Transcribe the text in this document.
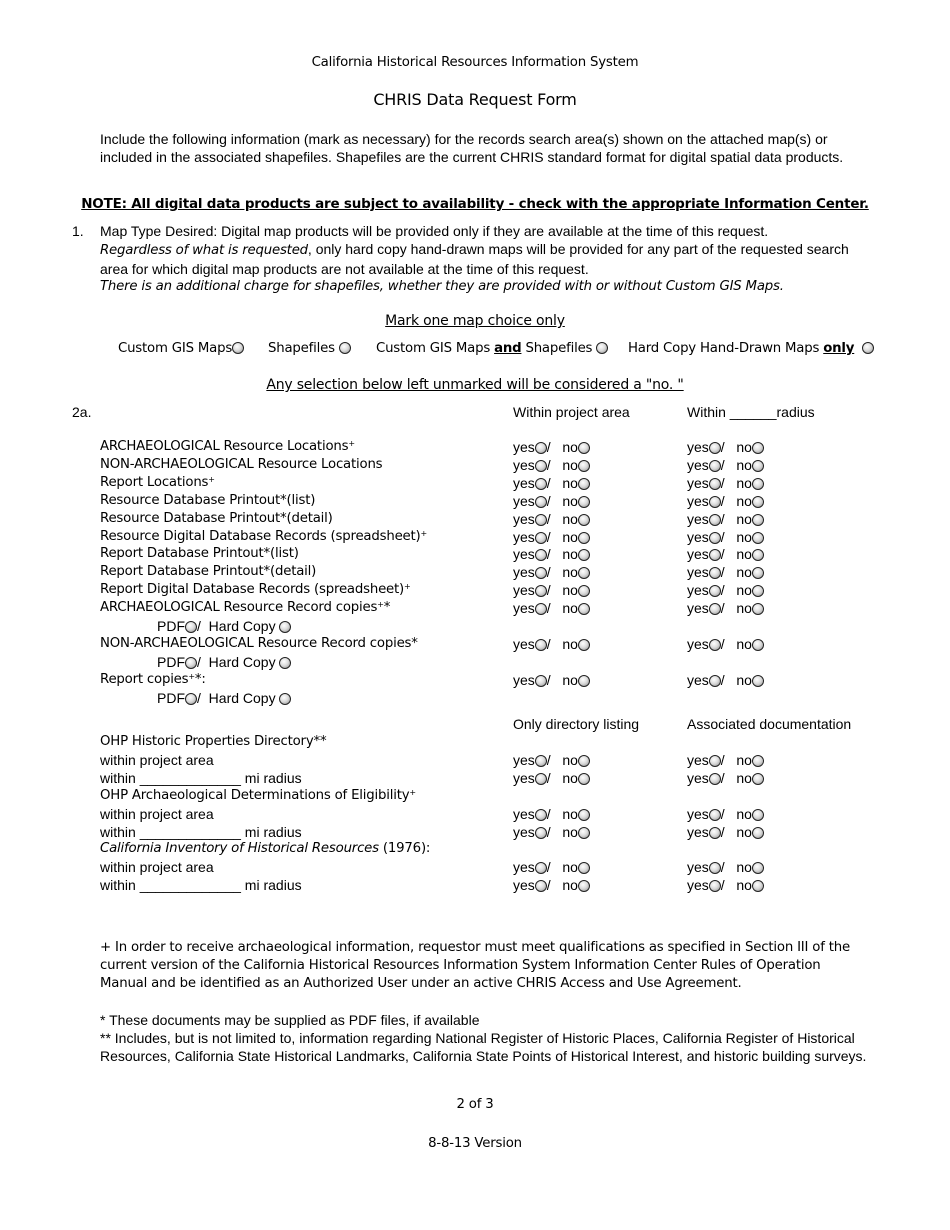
California Historical Resources Information System
CHRIS Data Request Form
Include the following information (mark as necessary) for the records search area(s) shown on the attached map(s) or included in the associated shapefiles. Shapefiles are the current CHRIS standard format for digital spatial data products.
NOTE: All digital data products are subject to availability - check with the appropriate Information Center.
1. Map Type Desired: Digital map products will be provided only if they are available at the time of this request.
Regardless of what is requested, only hard copy hand-drawn maps will be provided for any part of the requested search area for which digital map products are not available at the time of this request.
There is an additional charge for shapefiles, whether they are provided with or without Custom GIS Maps.
Mark one map choice only
Custom GIS Maps	Shapefiles	Custom GIS Maps and Shapefiles	Hard Copy Hand-Drawn Maps only
Any selection below left unmarked will be considered a "no. "
2a.	Within project area	Within ______radius
Only directory listing	Associated documentation
+ In order to receive archaeological information, requestor must meet qualifications as specified in Section III of the current version of the California Historical Resources Information System Information Center Rules of Operation Manual and be identified as an Authorized User under an active CHRIS Access and Use Agreement.
* These documents may be supplied as PDF files, if available
** Includes, but is not limited to, information regarding National Register of Historic Places, California Register of Historical Resources, California State Historical Landmarks, California State Points of Historical Interest, and historic building surveys.
2 of 3
8-8-13 Version
ARCHAEOLOGICAL Resource Locations+	yes /   no	yes /   no
NON-ARCHAEOLOGICAL Resource Locations	yes /   no	yes /   no
Report Locations+	yes /   no	yes /   no
Resource Database Printout*(list)	yes /   no	yes /   no
Resource Database Printout*(detail)	yes /   no	yes /   no
Resource Digital Database Records (spreadsheet)+	yes /   no	yes /   no
Report Database Printout*(list)	yes /   no	yes /   no
Report Database Printout*(detail)	yes /   no	yes /   no
Report Digital Database Records (spreadsheet)+	yes /   no	yes /   no
ARCHAEOLOGICAL Resource Record copies+*	yes /   no	yes /   no
PDF /  Hard Copy
NON-ARCHAEOLOGICAL Resource Record copies*	yes /   no	yes /   no
PDF /  Hard Copy
Report copies+*:	yes /   no	yes /   no
PDF /  Hard Copy
OHP Historic Properties Directory**
within project area	yes /   no	yes /   no
within _____________ mi radius	yes /   no	yes /   no
OHP Archaeological Determinations of Eligibility+
within project area	yes /   no	yes /   no
within _____________ mi radius	yes /   no	yes /   no
California Inventory of Historical Resources (1976):
within project area	yes /   no	yes /   no
within _____________ mi radius	yes /   no	yes /   no
